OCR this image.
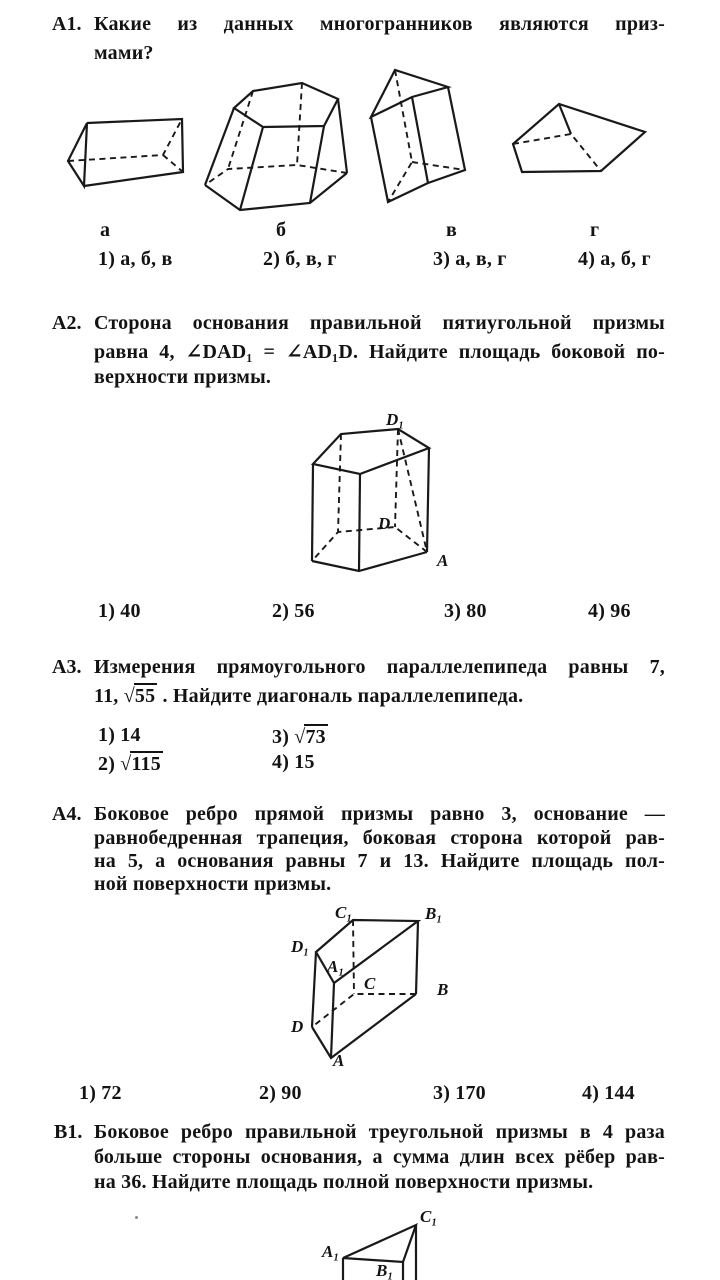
А1. Какие из данных многогранников являются приз-
мами?
а	б	в	г
1) а, б, в	2) б, в, г	3) а, в, г	4) а, б, г
А2. Сторона основания правильной пятиугольной призмы
равна 4, ∠DAD₁ = ∠AD₁D. Найдите площадь боковой по-
верхности призмы.
D₁
D
A
1) 40	2) 56	3) 80	4) 96
А3. Измерения прямоугольного параллелепипеда равны 7,
11, √55 . Найдите диагональ параллелепипеда.
1) 14	3) √73
2) √115	4) 15
А4. Боковое ребро прямой призмы равно 3, основание —
равнобедренная трапеция, боковая сторона которой рав-
на 5, а основания равны 7 и 13. Найдите площадь пол-
ной поверхности призмы.
C₁	B₁
D₁
A₁
C	B
D
A
1) 72	2) 90	3) 170	4) 144
В1. Боковое ребро правильной треугольной призмы в 4 раза
больше стороны основания, а сумма длин всех рёбер рав-
на 36. Найдите площадь полной поверхности призмы.
A₁
B₁
C₁
